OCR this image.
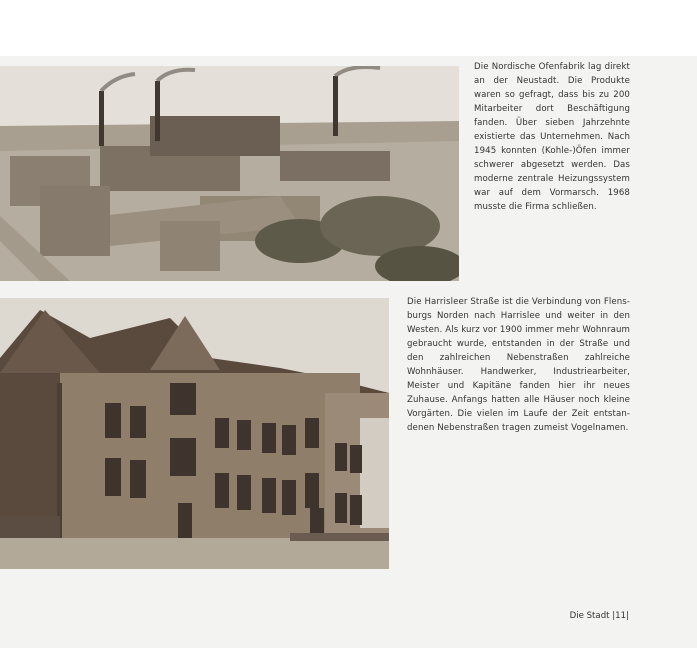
Die Nordische Ofenfabrik lag direkt an der Neustadt. Die Produkte waren so gefragt, dass bis zu 200 Mitarbeiter dort Beschäftigung fanden. Über sieben Jahrzehnte existierte das Unternehmen. Nach 1945 konnten (Kohle-)Öfen immer schwerer abgesetzt werden. Das moderne zentrale Heizungssystem war auf dem Vormarsch. 1968 musste die Firma schließen.
Die Harrisleer Straße ist die Verbindung von Flensburgs Norden nach Harrislee und weiter in den Westen. Als kurz vor 1900 immer mehr Wohnraum gebraucht wurde, entstanden in der Straße und den zahlreichen Nebenstraßen zahlreiche Wohnhäuser. Handwerker, Industriearbeiter, Meister und Kapitäne fanden hier ihr neues Zuhause. Anfangs hatten alle Häuser noch kleine Vorgärten. Die vielen im Laufe der Zeit entstandenen Nebenstraßen tragen zumeist Vogelnamen.
Die Stadt |11|
